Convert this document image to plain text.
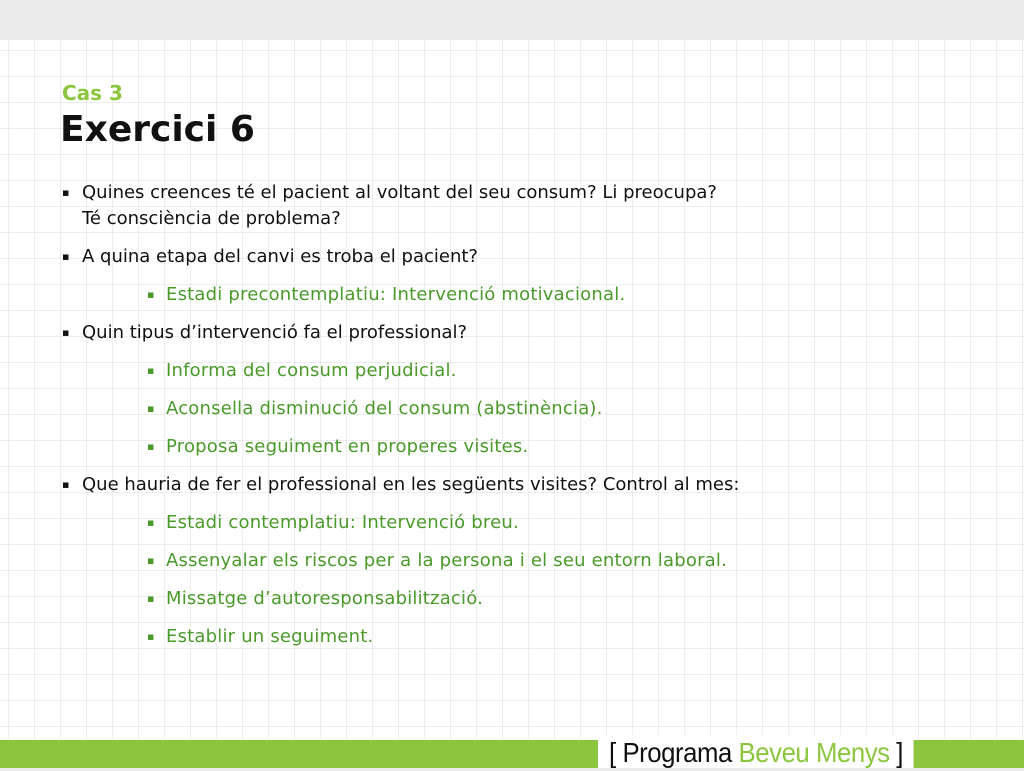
Cas 3
Exercici 6
▪ Quines creences té el pacient al voltant del seu consum? Li preocupa?
Té consciència de problema?
▪ A quina etapa del canvi es troba el pacient?
▪ Estadi precontemplatiu: Intervenció motivacional.
▪ Quin tipus d’intervenció fa el professional?
▪ Informa del consum perjudicial.
▪ Aconsella disminució del consum (abstinència).
▪ Proposa seguiment en properes visites.
▪ Que hauria de fer el professional en les següents visites? Control al mes:
▪ Estadi contemplatiu: Intervenció breu.
▪ Assenyalar els riscos per a la persona i el seu entorn laboral.
▪ Missatge d’autoresponsabilització.
▪ Establir un seguiment.
[ Programa Beveu Menys ]
